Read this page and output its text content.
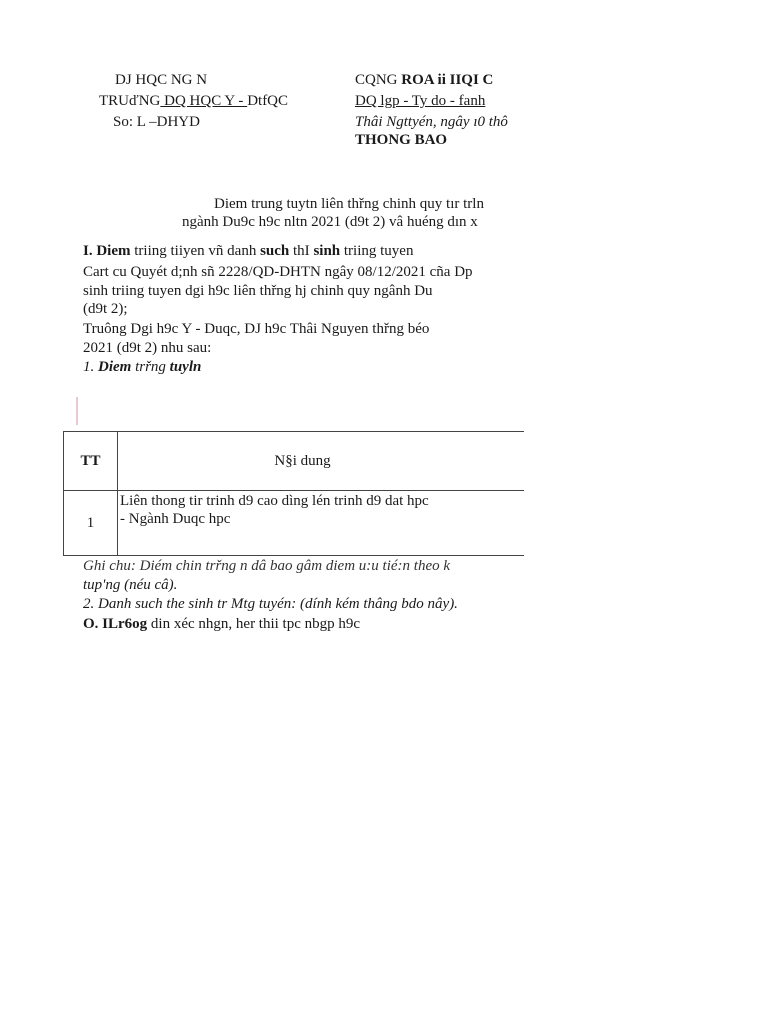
DJ HQC NG N
TRUďNG DQ HQC Y - DtfQC
So: L –DHYD
CQNG ROA ii IIQI C
DQ lgp - Ty do - fanh
Thâi Ngttyén, ngây ı0 thô
THONG BAO
Diem trung tuytn liên thřng chinh quy tır trln
ngành Du9c h9c nltn 2021 (d9t 2) vâ huéng dın x
I. Diem triing tiiyen vñ danh such thI sinh triing tuyen
Cart cu Quyét d;nh sñ 2228/QD-DHTN ngây 08/12/2021 cña Dp
sinh triing tuyen dgi h9c liên thřng hj chinh quy ngânh Du
(d9t 2);
Truông Dgi h9c Y - Duqc, DJ h9c Thâi Nguyen thřng béo
2021 (d9t 2) nhu sau:
1. Diem trřng tuyln
TT	N§i dung
1	Liên thong tir trinh d9 cao dìng lén trinh d9 dat hpc
- Ngành Duqc hpc
Ghi chu: Diém chin trřng n dâ bao gâm diem u:u tié:n theo k
tup'ng (néu câ).
2. Danh such the sinh tr Mtg tuyén: (dính kém thâng bdo nây).
O. ILr6og din xéc nhgn, her thii tpc nbgp h9c
